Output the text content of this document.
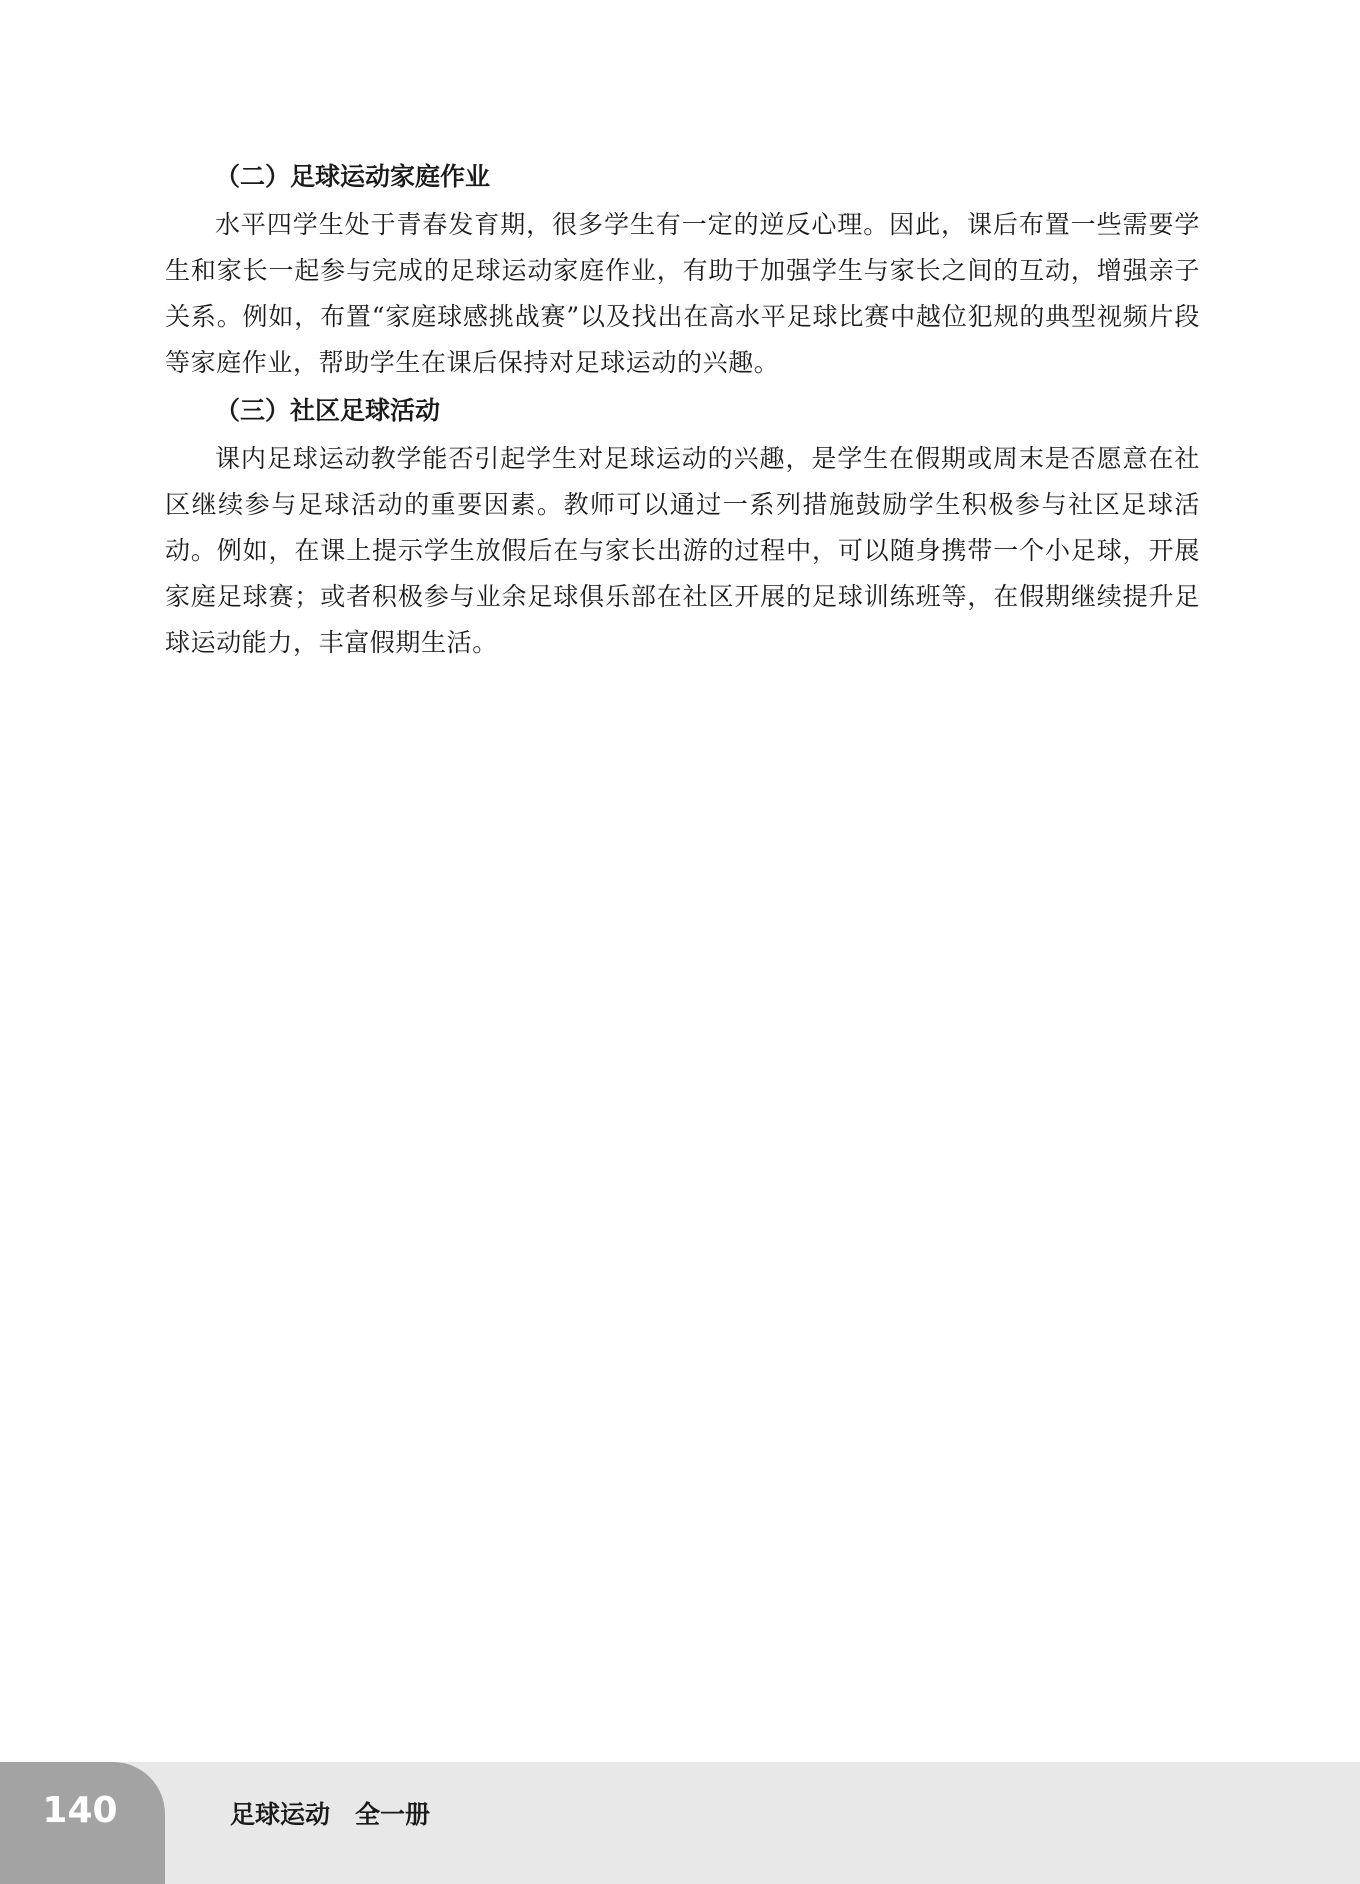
（二）足球运动家庭作业

水平四学生处于青春发育期，很多学生有一定的逆反心理。因此，课后布置一些需要学生和家长一起参与完成的足球运动家庭作业，有助于加强学生与家长之间的互动，增强亲子关系。例如，布置“家庭球感挑战赛”以及找出在高水平足球比赛中越位犯规的典型视频片段等家庭作业，帮助学生在课后保持对足球运动的兴趣。

（三）社区足球活动

课内足球运动教学能否引起学生对足球运动的兴趣，是学生在假期或周末是否愿意在社区继续参与足球活动的重要因素。教师可以通过一系列措施鼓励学生积极参与社区足球活动。例如，在课上提示学生放假后在与家长出游的过程中，可以随身携带一个小足球，开展家庭足球赛；或者积极参与业余足球俱乐部在社区开展的足球训练班等，在假期继续提升足球运动能力，丰富假期生活。

140	足球运动　全一册
